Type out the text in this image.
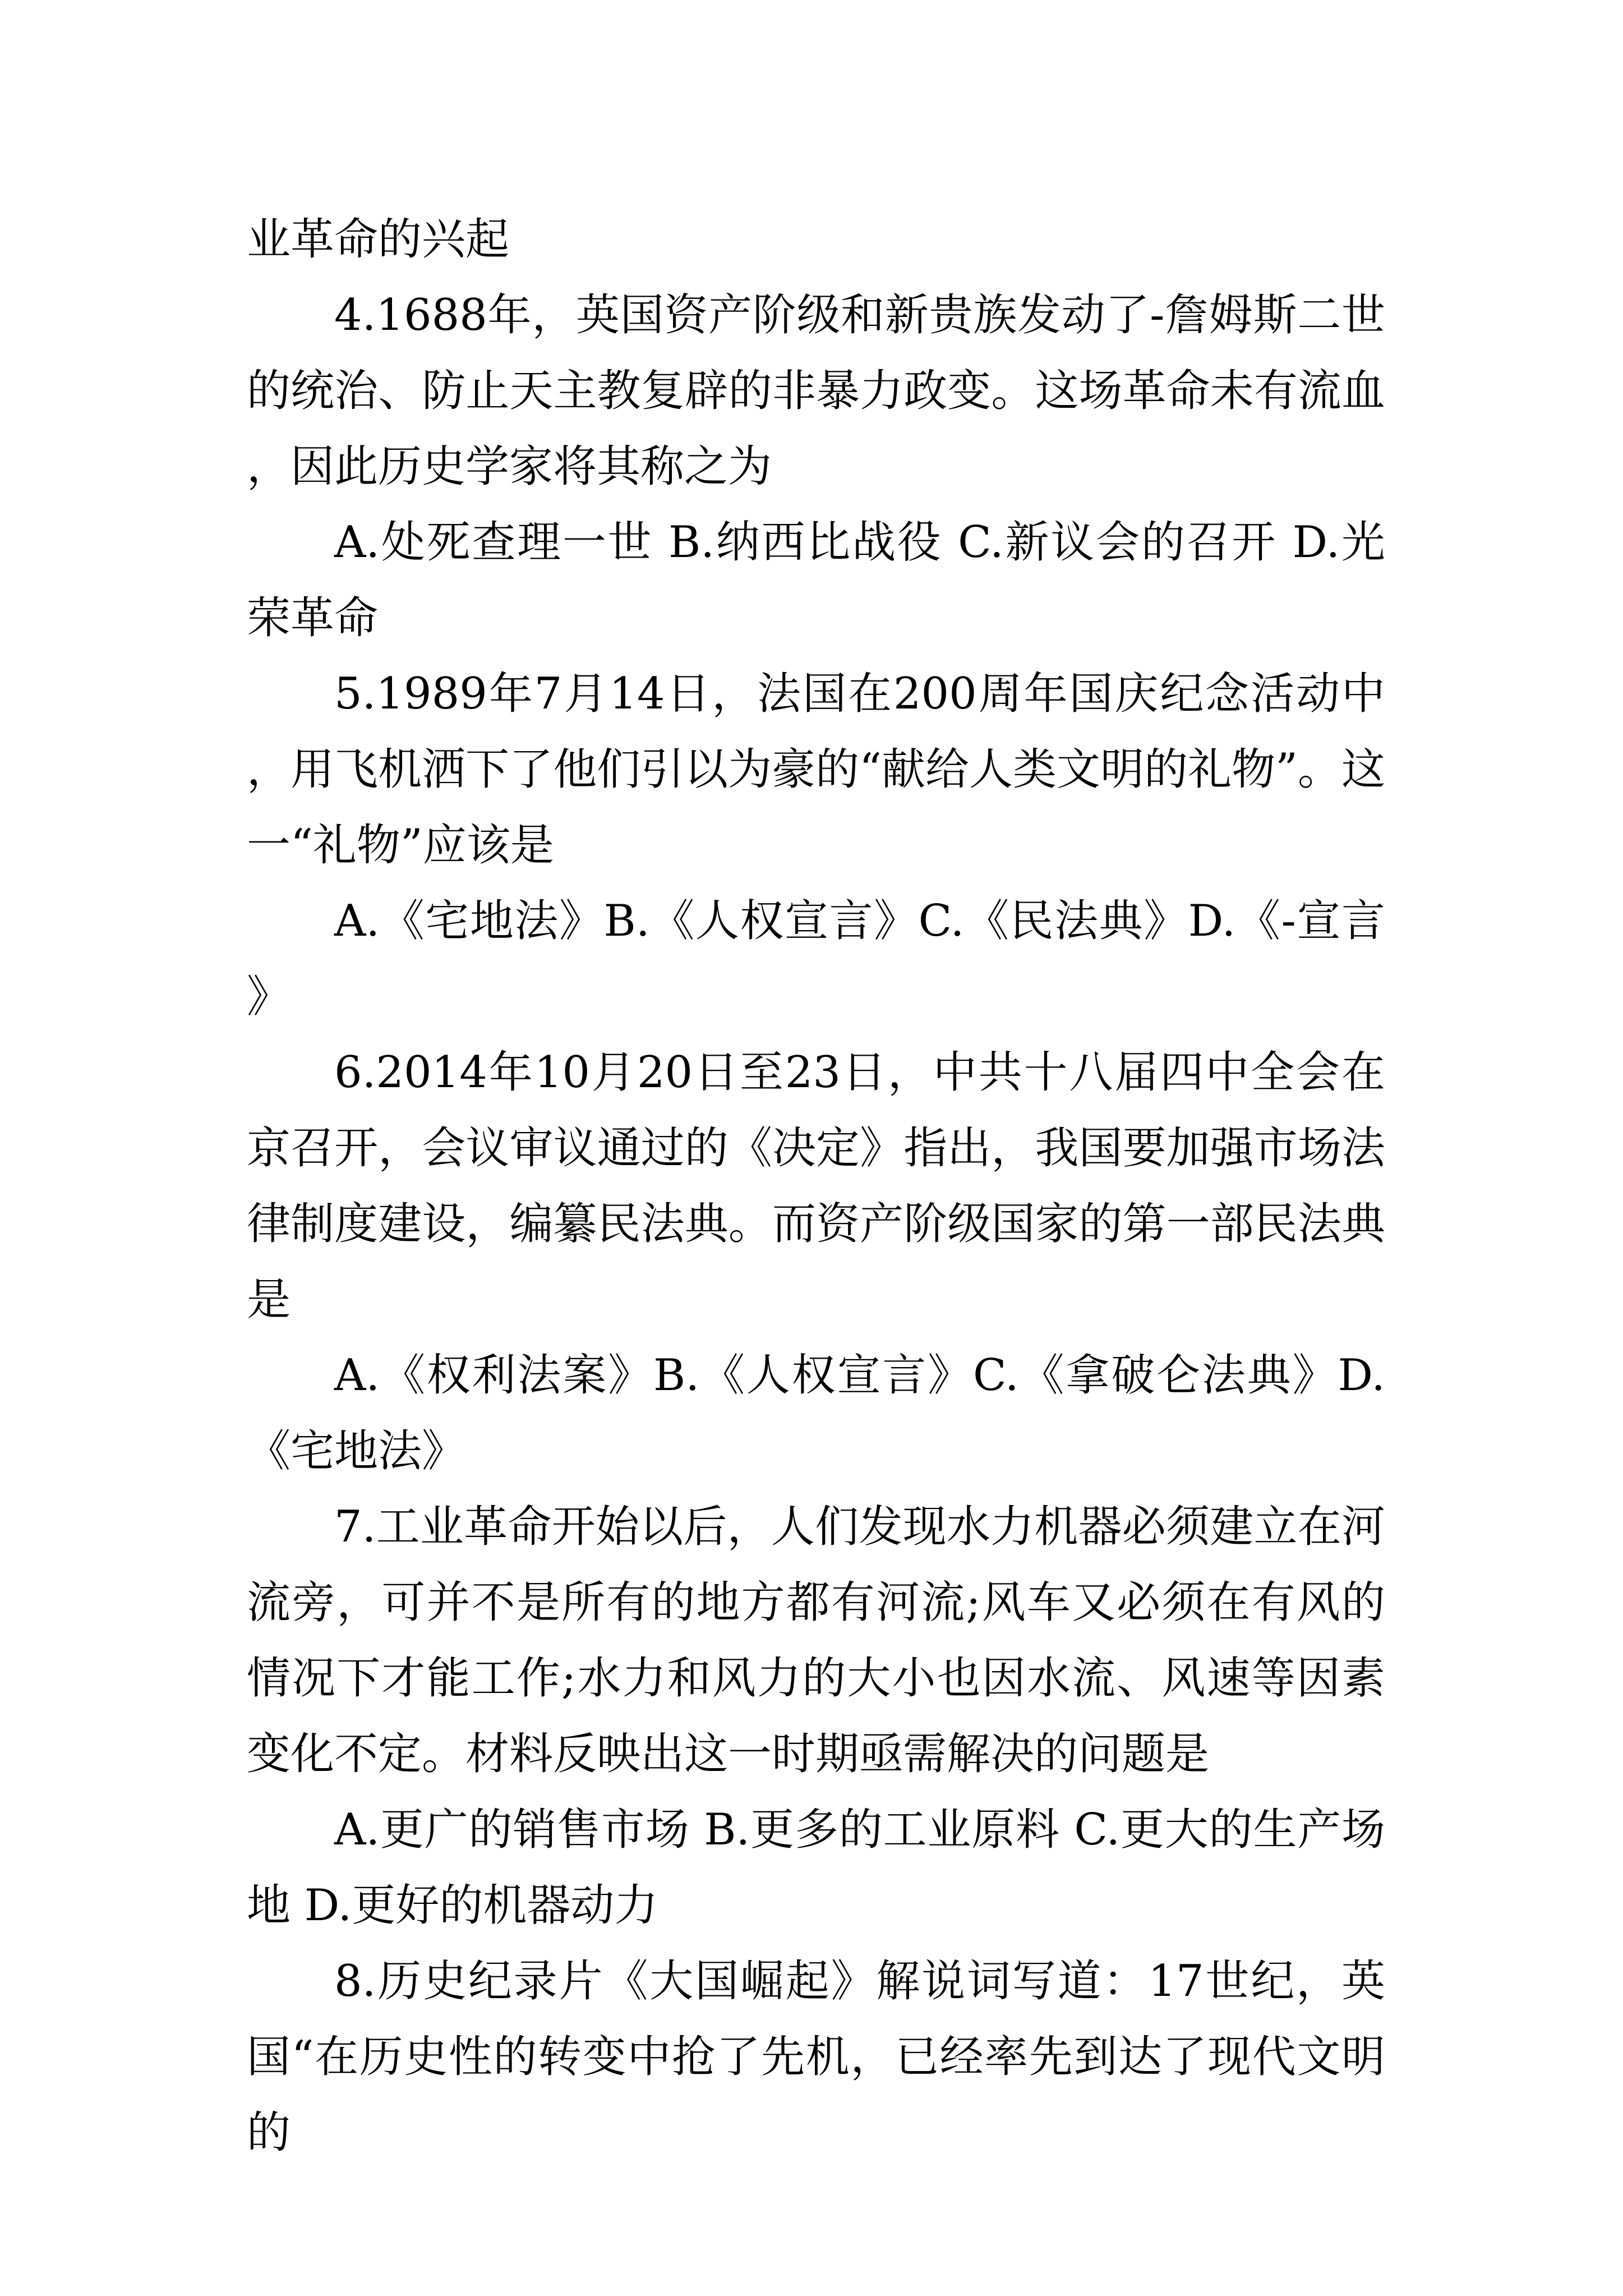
业革命的兴起

4.1688年，英国资产阶级和新贵族发动了-詹姆斯二世的统治、防止天主教复辟的非暴力政变。这场革命未有流血，因此历史学家将其称之为

A.处死查理一世 B.纳西比战役 C.新议会的召开 D.光荣革命

5.1989年7月14日，法国在200周年国庆纪念活动中，用飞机洒下了他们引以为豪的“献给人类文明的礼物”。这一“礼物”应该是

A.《宅地法》B.《人权宣言》C.《民法典》D.《-宣言》

6.2014年10月20日至23日，中共十八届四中全会在京召开，会议审议通过的《决定》指出，我国要加强市场法律制度建设，编纂民法典。而资产阶级国家的第一部民法典是

A.《权利法案》B.《人权宣言》C.《拿破仑法典》D.《宅地法》

7.工业革命开始以后，人们发现水力机器必须建立在河流旁，可并不是所有的地方都有河流;风车又必须在有风的情况下才能工作;水力和风力的大小也因水流、风速等因素变化不定。材料反映出这一时期亟需解决的问题是

A.更广的销售市场 B.更多的工业原料 C.更大的生产场地 D.更好的机器动力

8.历史纪录片《大国崛起》解说词写道：17世纪，英国“在历史性的转变中抢了先机，已经率先到达了现代文明的
